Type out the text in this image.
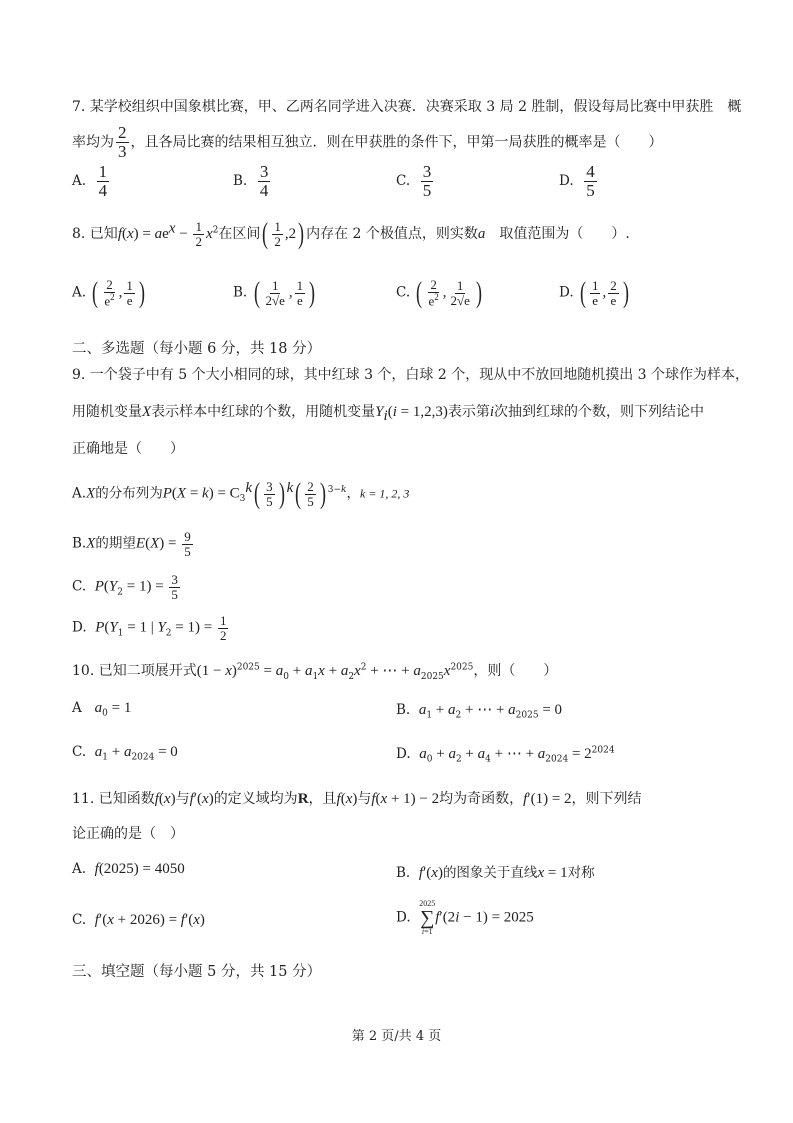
7. 某学校组织中国象棋比赛，甲、乙两名同学进入决赛．决赛采取 3 局 2 胜制，假设每局比赛中甲获胜　概
率均为 $\frac{2}{3}$ ，且各局比赛的结果相互独立．则在甲获胜的条件下，甲第一局获胜的概率是（　　）
A. $\frac{1}{4}$	B. $\frac{3}{4}$	C. $\frac{3}{5}$	D. $\frac{4}{5}$
8. 已知$f(x) = ae^x - \frac{1}{2} x^2$在区间( $\frac{1}{2} ,2$) 内存在 2 个极值点，则实数a　取值范围为（　　）.
A. ( $\frac{2}{e^2}$ , $\frac{1}{e}$ )	B. ( $\frac{1}{2√e}$ , $\frac{1}{e}$ )	C. ( $\frac{2}{e^2}$ , $\frac{1}{2√e}$ )	D. ( $\frac{1}{e}$ , $\frac{2}{e}$ )
二、多选题（每小题 6 分，共 18 分）
9. 一个袋子中有 5 个大小相同的球，其中红球 3 个，白球 2 个，现从中不放回地随机摸出 3 个球作为样本，
用随机变量X表示样本中红球的个数，用随机变量$Y_i(i = 1,2,3)$表示第i次抽到红球的个数，则下列结论中
正确地是（　　）
A.X的分布列为$P(X = k) = C_3^k( \frac{3}{5}$ ) $^k( \frac{2}{5}$ ) $^{3-k}$，k = 1, 2, 3
B.X的期望$E(X) = \frac{9}{5}$
C. $P(Y_2 = 1) = \frac{3}{5}$
D. $P(Y_1 = 1$ | $Y_2 = 1) = \frac{1}{2}$
10. 已知二项展开式$(1 - x)^{2025} = a_0 + a_1x + a_2x^2$ + ⋯ + $a_{2025}x^{2025}$，则（　　）
A $a_0 = 1$	B. $a_1 + a_2$ + ⋯ + $a_{2025} = 0$
C. $a_1 + a_{2024} = 0$	D. $a_0 + a_2 + a_4$ + ⋯ + $a_{2024} = 2^{2024}$
11. 已知函数f(x)与f′(x)的定义域均为R，且f(x)与f(x + 1) − 2均为奇函数，f′(1) = 2，则下列结
论正确的是（　）
A. f(2025) = 4050	B. f′(x)的图象关于直线x = 1对称
C. f′(x + 2026) = f′(x)	D.
2025
∑
i=1
f′(2i − 1) = 2025
三、填空题（每小题 5 分，共 15 分）
第 2 页/共 4 页
